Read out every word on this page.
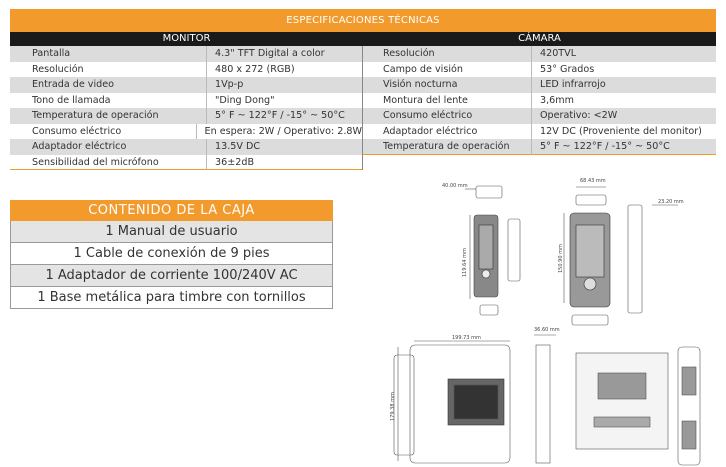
ESPECIFICACIONES TÉCNICAS
MONITOR	CÁMARA
Pantalla	4.3" TFT Digital a color
Resolución	480 x 272 (RGB)
Entrada de video	1Vp-p
Tono de llamada	"Ding Dong"
Temperatura de operación	5° F ~ 122°F / -15° ~ 50°C
Consumo eléctrico	En espera: 2W / Operativo: 2.8W
Adaptador eléctrico	13.5V DC
Sensibilidad del micrófono	36±2dB
Resolución	420TVL
Campo de visión	53° Grados
Visión nocturna	LED infrarrojo
Montura del lente	3,6mm
Consumo eléctrico	Operativo: <2W
Adaptador eléctrico	12V DC (Proveniente del monitor)
Temperatura de operación	5° F ~ 122°F / -15° ~ 50°C
CONTENIDO DE LA CAJA
1 Manual de usuario
1 Cable de conexión de 9 pies
1 Adaptador de corriente 100/240V AC
1 Base metálica para timbre con tornillos
40.00 mm
119.64 mm	150.90 mm
68.43 mm
23.20 mm
199.73 mm
179.38 mm
36.60 mm
